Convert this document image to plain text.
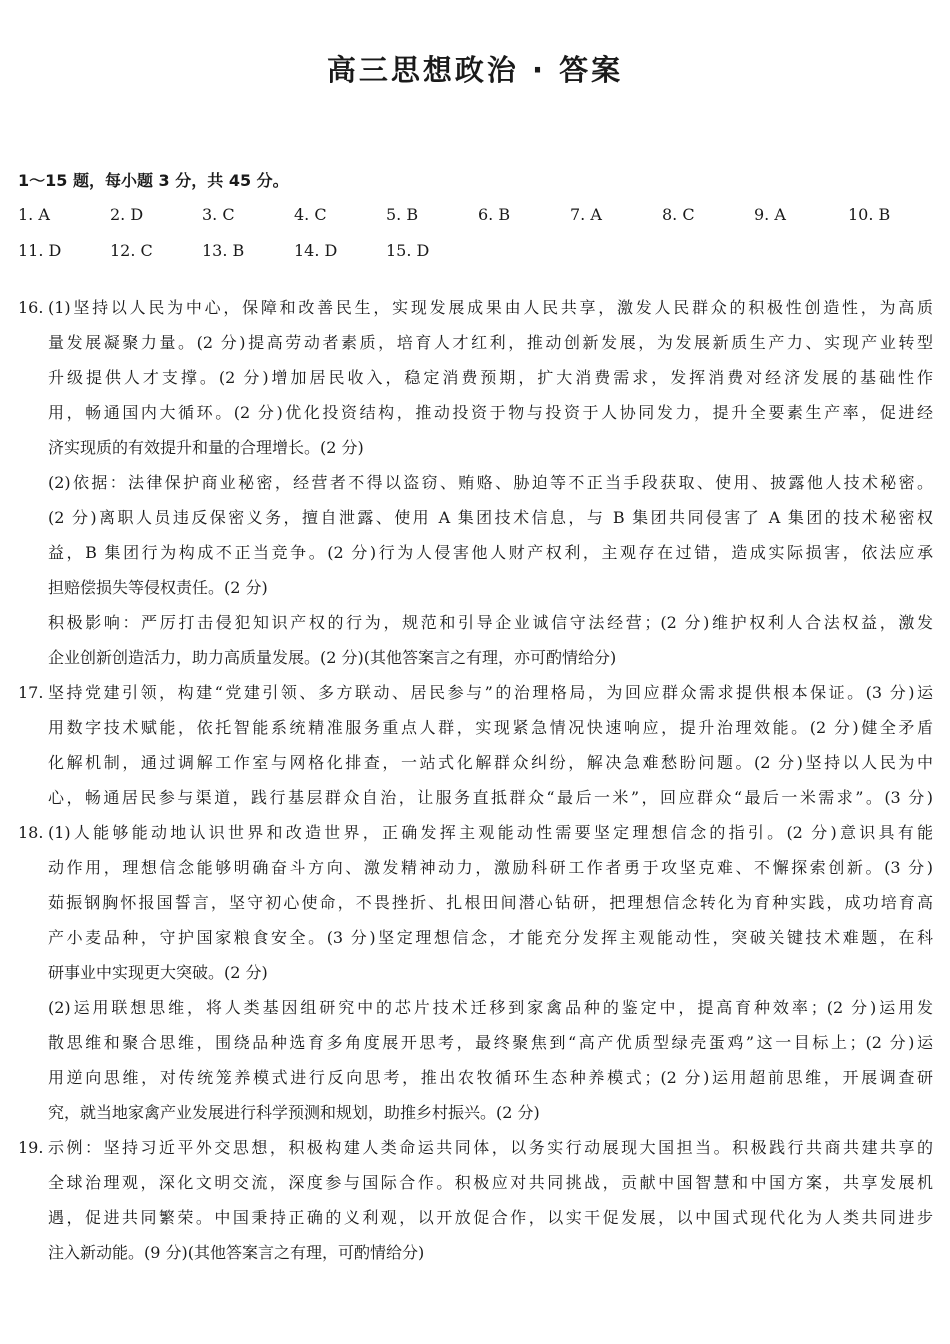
高三思想政治 · 答案
1～15 题，每小题 3 分，共 45 分。
1. A	2. D	3. C	4. C	5. B	6. B	7. A	8. C	9. A	10. B
11. D	12. C	13. B	14. D	15. D
16. (1)坚持以人民为中心，保障和改善民生，实现发展成果由人民共享，激发人民群众的积极性创造性，为高质

量发展凝聚力量。(2 分)提高劳动者素质，培育人才红利，推动创新发展，为发展新质生产力、实现产业转型

升级提供人才支撑。(2 分)增加居民收入，稳定消费预期，扩大消费需求，发挥消费对经济发展的基础性作

用，畅通国内大循环。(2 分)优化投资结构，推动投资于物与投资于人协同发力，提升全要素生产率，促进经

济实现质的有效提升和量的合理增长。(2 分)

(2)依据：法律保护商业秘密，经营者不得以盗窃、贿赂、胁迫等不正当手段获取、使用、披露他人技术秘密。

(2 分)离职人员违反保密义务，擅自泄露、使用 A 集团技术信息，与 B 集团共同侵害了 A 集团的技术秘密权

益，B 集团行为构成不正当竞争。(2 分)行为人侵害他人财产权利，主观存在过错，造成实际损害，依法应承

担赔偿损失等侵权责任。(2 分)

积极影响：严厉打击侵犯知识产权的行为，规范和引导企业诚信守法经营；(2 分)维护权利人合法权益，激发

企业创新创造活力，助力高质量发展。(2 分)(其他答案言之有理，亦可酌情给分)

17. 坚持党建引领，构建“党建引领、多方联动、居民参与”的治理格局，为回应群众需求提供根本保证。(3 分)运

用数字技术赋能，依托智能系统精准服务重点人群，实现紧急情况快速响应，提升治理效能。(2 分)健全矛盾

化解机制，通过调解工作室与网格化排查，一站式化解群众纠纷，解决急难愁盼问题。(2 分)坚持以人民为中

心，畅通居民参与渠道，践行基层群众自治，让服务直抵群众“最后一米”，回应群众“最后一米需求”。(3 分)

18. (1)人能够能动地认识世界和改造世界，正确发挥主观能动性需要坚定理想信念的指引。(2 分)意识具有能

动作用，理想信念能够明确奋斗方向、激发精神动力，激励科研工作者勇于攻坚克难、不懈探索创新。(3 分)

茹振钢胸怀报国誓言，坚守初心使命，不畏挫折、扎根田间潜心钻研，把理想信念转化为育种实践，成功培育高

产小麦品种，守护国家粮食安全。(3 分)坚定理想信念，才能充分发挥主观能动性，突破关键技术难题，在科

研事业中实现更大突破。(2 分)

(2)运用联想思维，将人类基因组研究中的芯片技术迁移到家禽品种的鉴定中，提高育种效率；(2 分)运用发

散思维和聚合思维，围绕品种选育多角度展开思考，最终聚焦到“高产优质型绿壳蛋鸡”这一目标上；(2 分)运

用逆向思维，对传统笼养模式进行反向思考，推出农牧循环生态种养模式；(2 分)运用超前思维，开展调查研

究，就当地家禽产业发展进行科学预测和规划，助推乡村振兴。(2 分)

19. 示例：坚持习近平外交思想，积极构建人类命运共同体，以务实行动展现大国担当。积极践行共商共建共享的

全球治理观，深化文明交流，深度参与国际合作。积极应对共同挑战，贡献中国智慧和中国方案，共享发展机

遇，促进共同繁荣。中国秉持正确的义利观，以开放促合作，以实干促发展，以中国式现代化为人类共同进步

注入新动能。(9 分)(其他答案言之有理，可酌情给分)
